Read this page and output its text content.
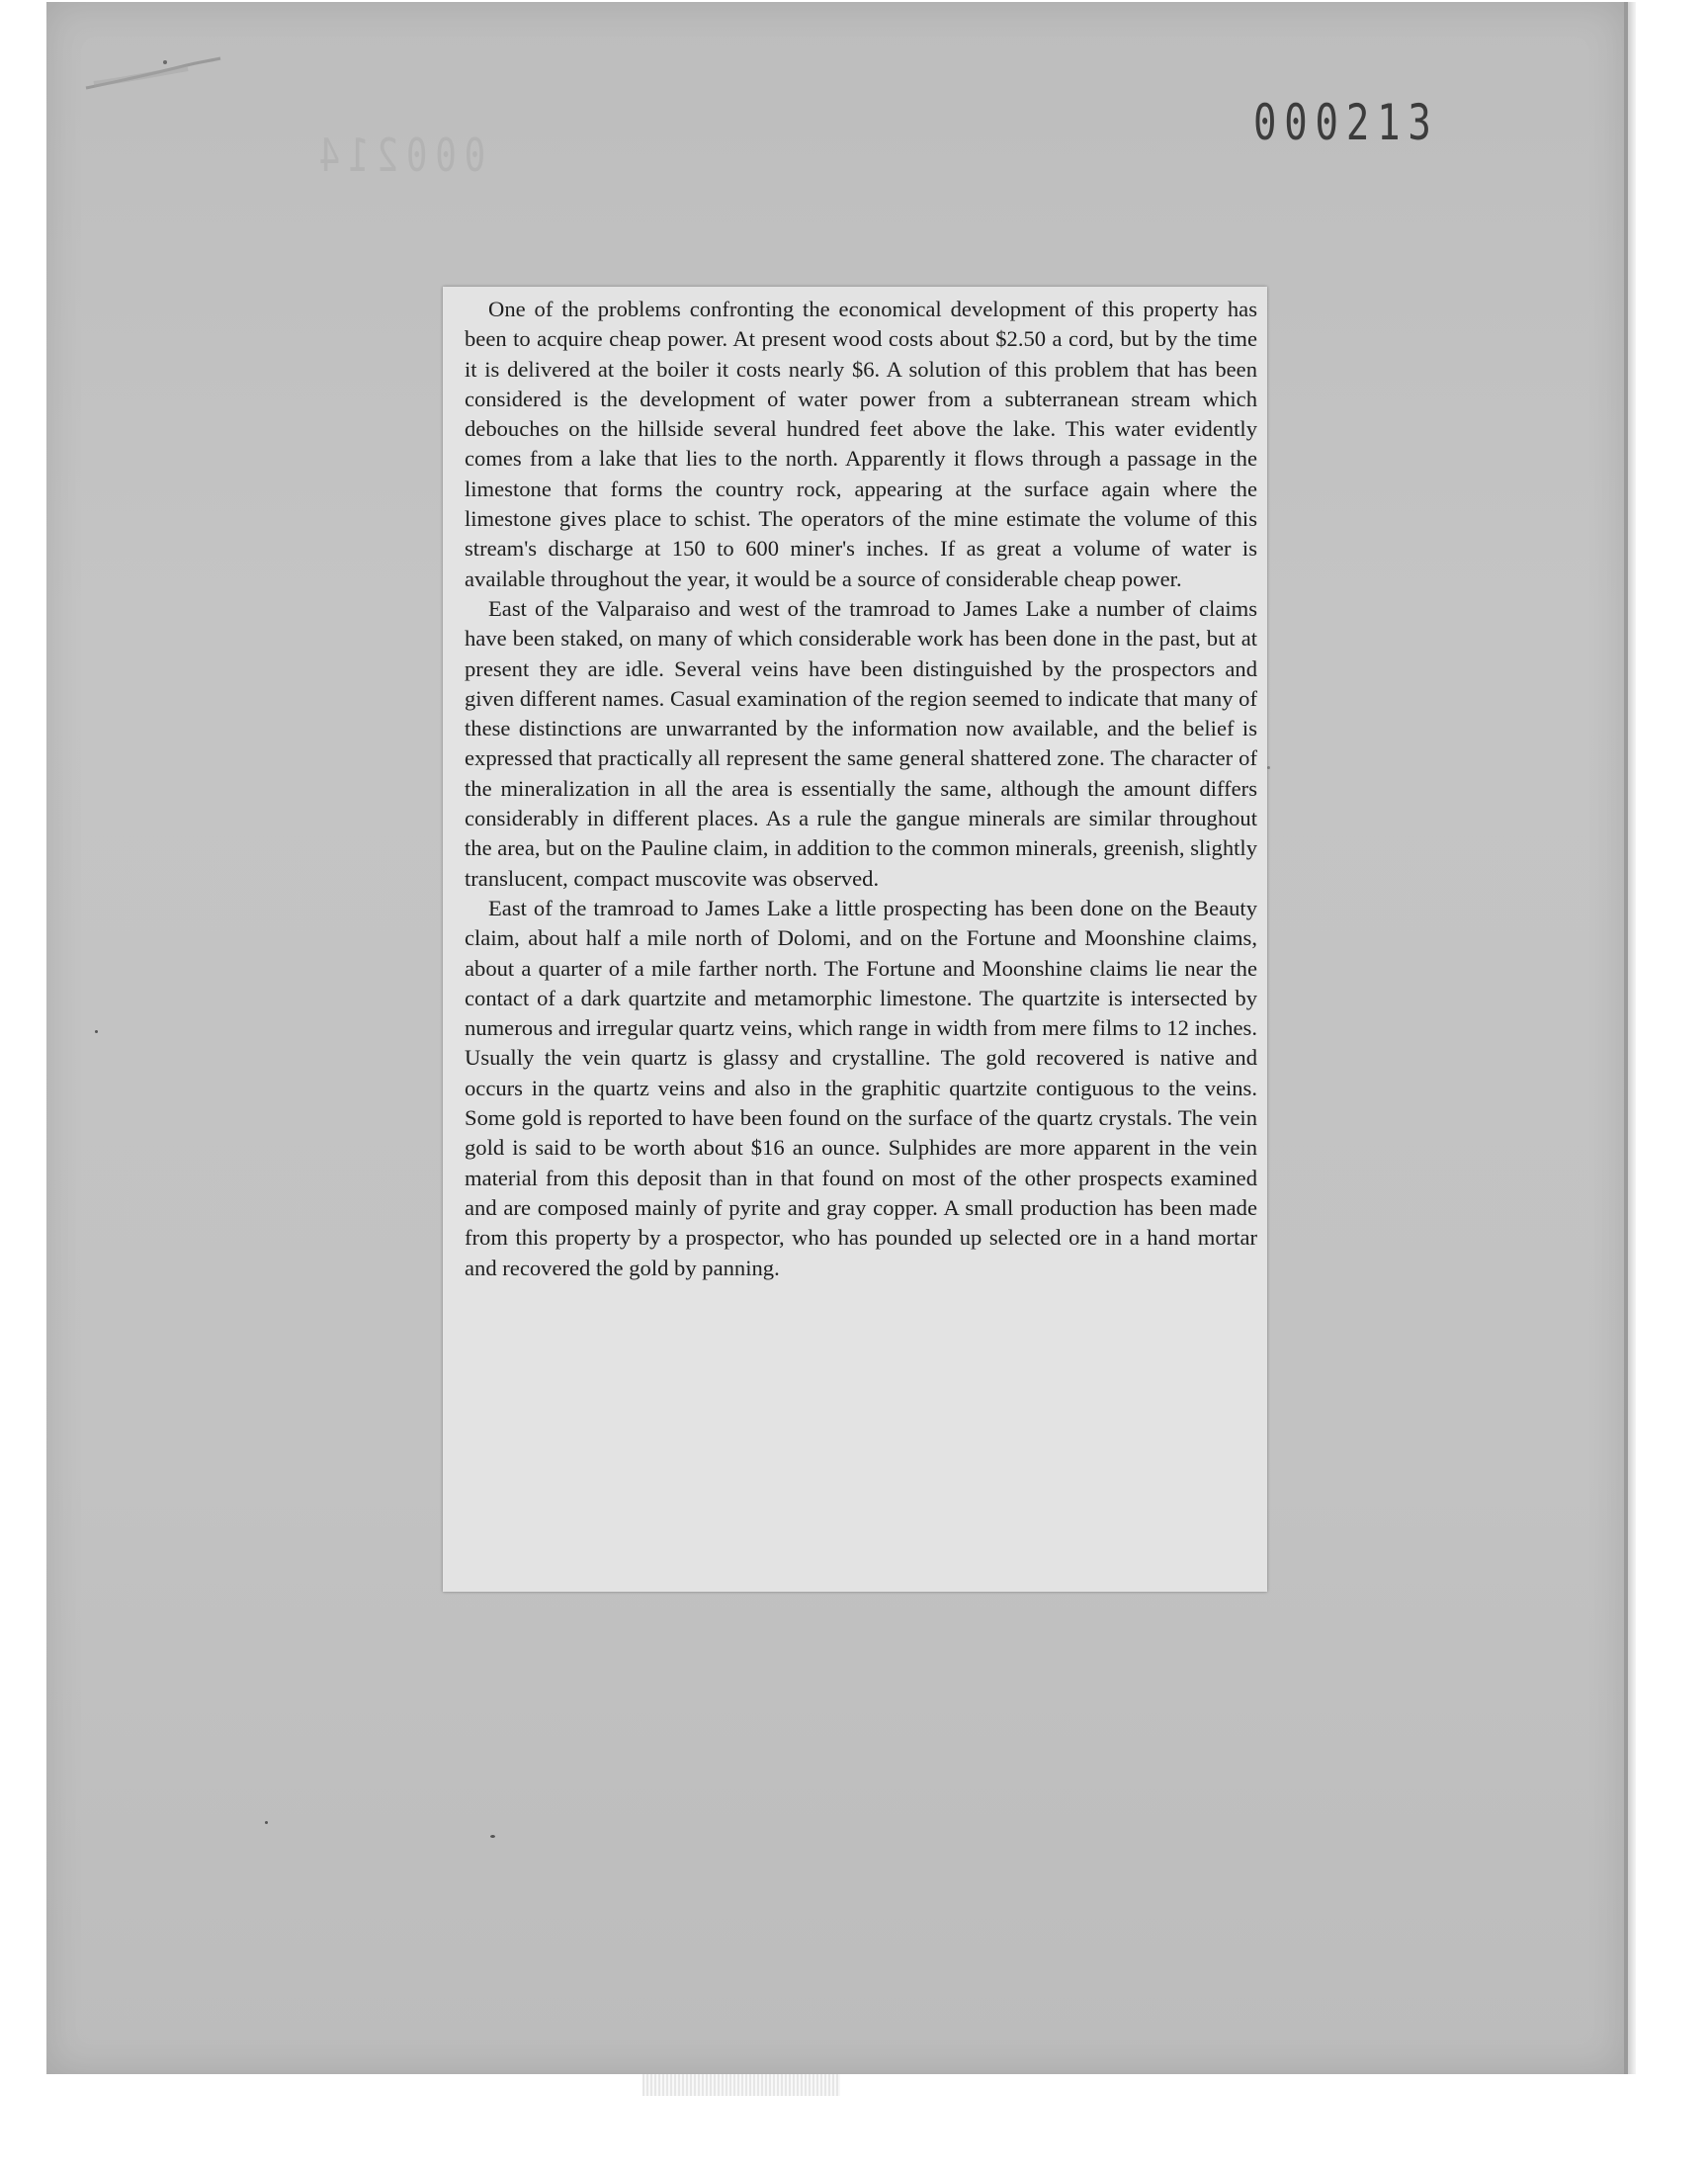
000213
000214

One of the problems confronting the economical development of this property has been to acquire cheap power. At present wood costs about $2.50 a cord, but by the time it is delivered at the boiler it costs nearly $6. A solution of this problem that has been considered is the development of water power from a subterranean stream which debouches on the hillside several hundred feet above the lake. This water evidently comes from a lake that lies to the north. Apparently it flows through a passage in the limestone that forms the country rock, appearing at the surface again where the limestone gives place to schist. The operators of the mine estimate the volume of this stream's discharge at 150 to 600 miner's inches. If as great a volume of water is available throughout the year, it would be a source of considerable cheap power.

East of the Valparaiso and west of the tramroad to James Lake a number of claims have been staked, on many of which considerable work has been done in the past, but at present they are idle. Several veins have been distinguished by the prospectors and given different names. Casual examination of the region seemed to indicate that many of these distinctions are unwarranted by the information now available, and the belief is expressed that practically all represent the same general shattered zone. The character of the mineralization in all the area is essentially the same, although the amount differs considerably in different places. As a rule the gangue minerals are similar throughout the area, but on the Pauline claim, in addition to the common minerals, greenish, slightly translucent, compact muscovite was observed.

East of the tramroad to James Lake a little prospecting has been done on the Beauty claim, about half a mile north of Dolomi, and on the Fortune and Moonshine claims, about a quarter of a mile farther north. The Fortune and Moonshine claims lie near the contact of a dark quartzite and metamorphic limestone. The quartzite is intersected by numerous and irregular quartz veins, which range in width from mere films to 12 inches. Usually the vein quartz is glassy and crystalline. The gold recovered is native and occurs in the quartz veins and also in the graphitic quartzite contiguous to the veins. Some gold is reported to have been found on the surface of the quartz crystals. The vein gold is said to be worth about $16 an ounce. Sulphides are more apparent in the vein material from this deposit than in that found on most of the other prospects examined and are composed mainly of pyrite and gray copper. A small production has been made from this property by a prospector, who has pounded up selected ore in a hand mortar and recovered the gold by panning.
